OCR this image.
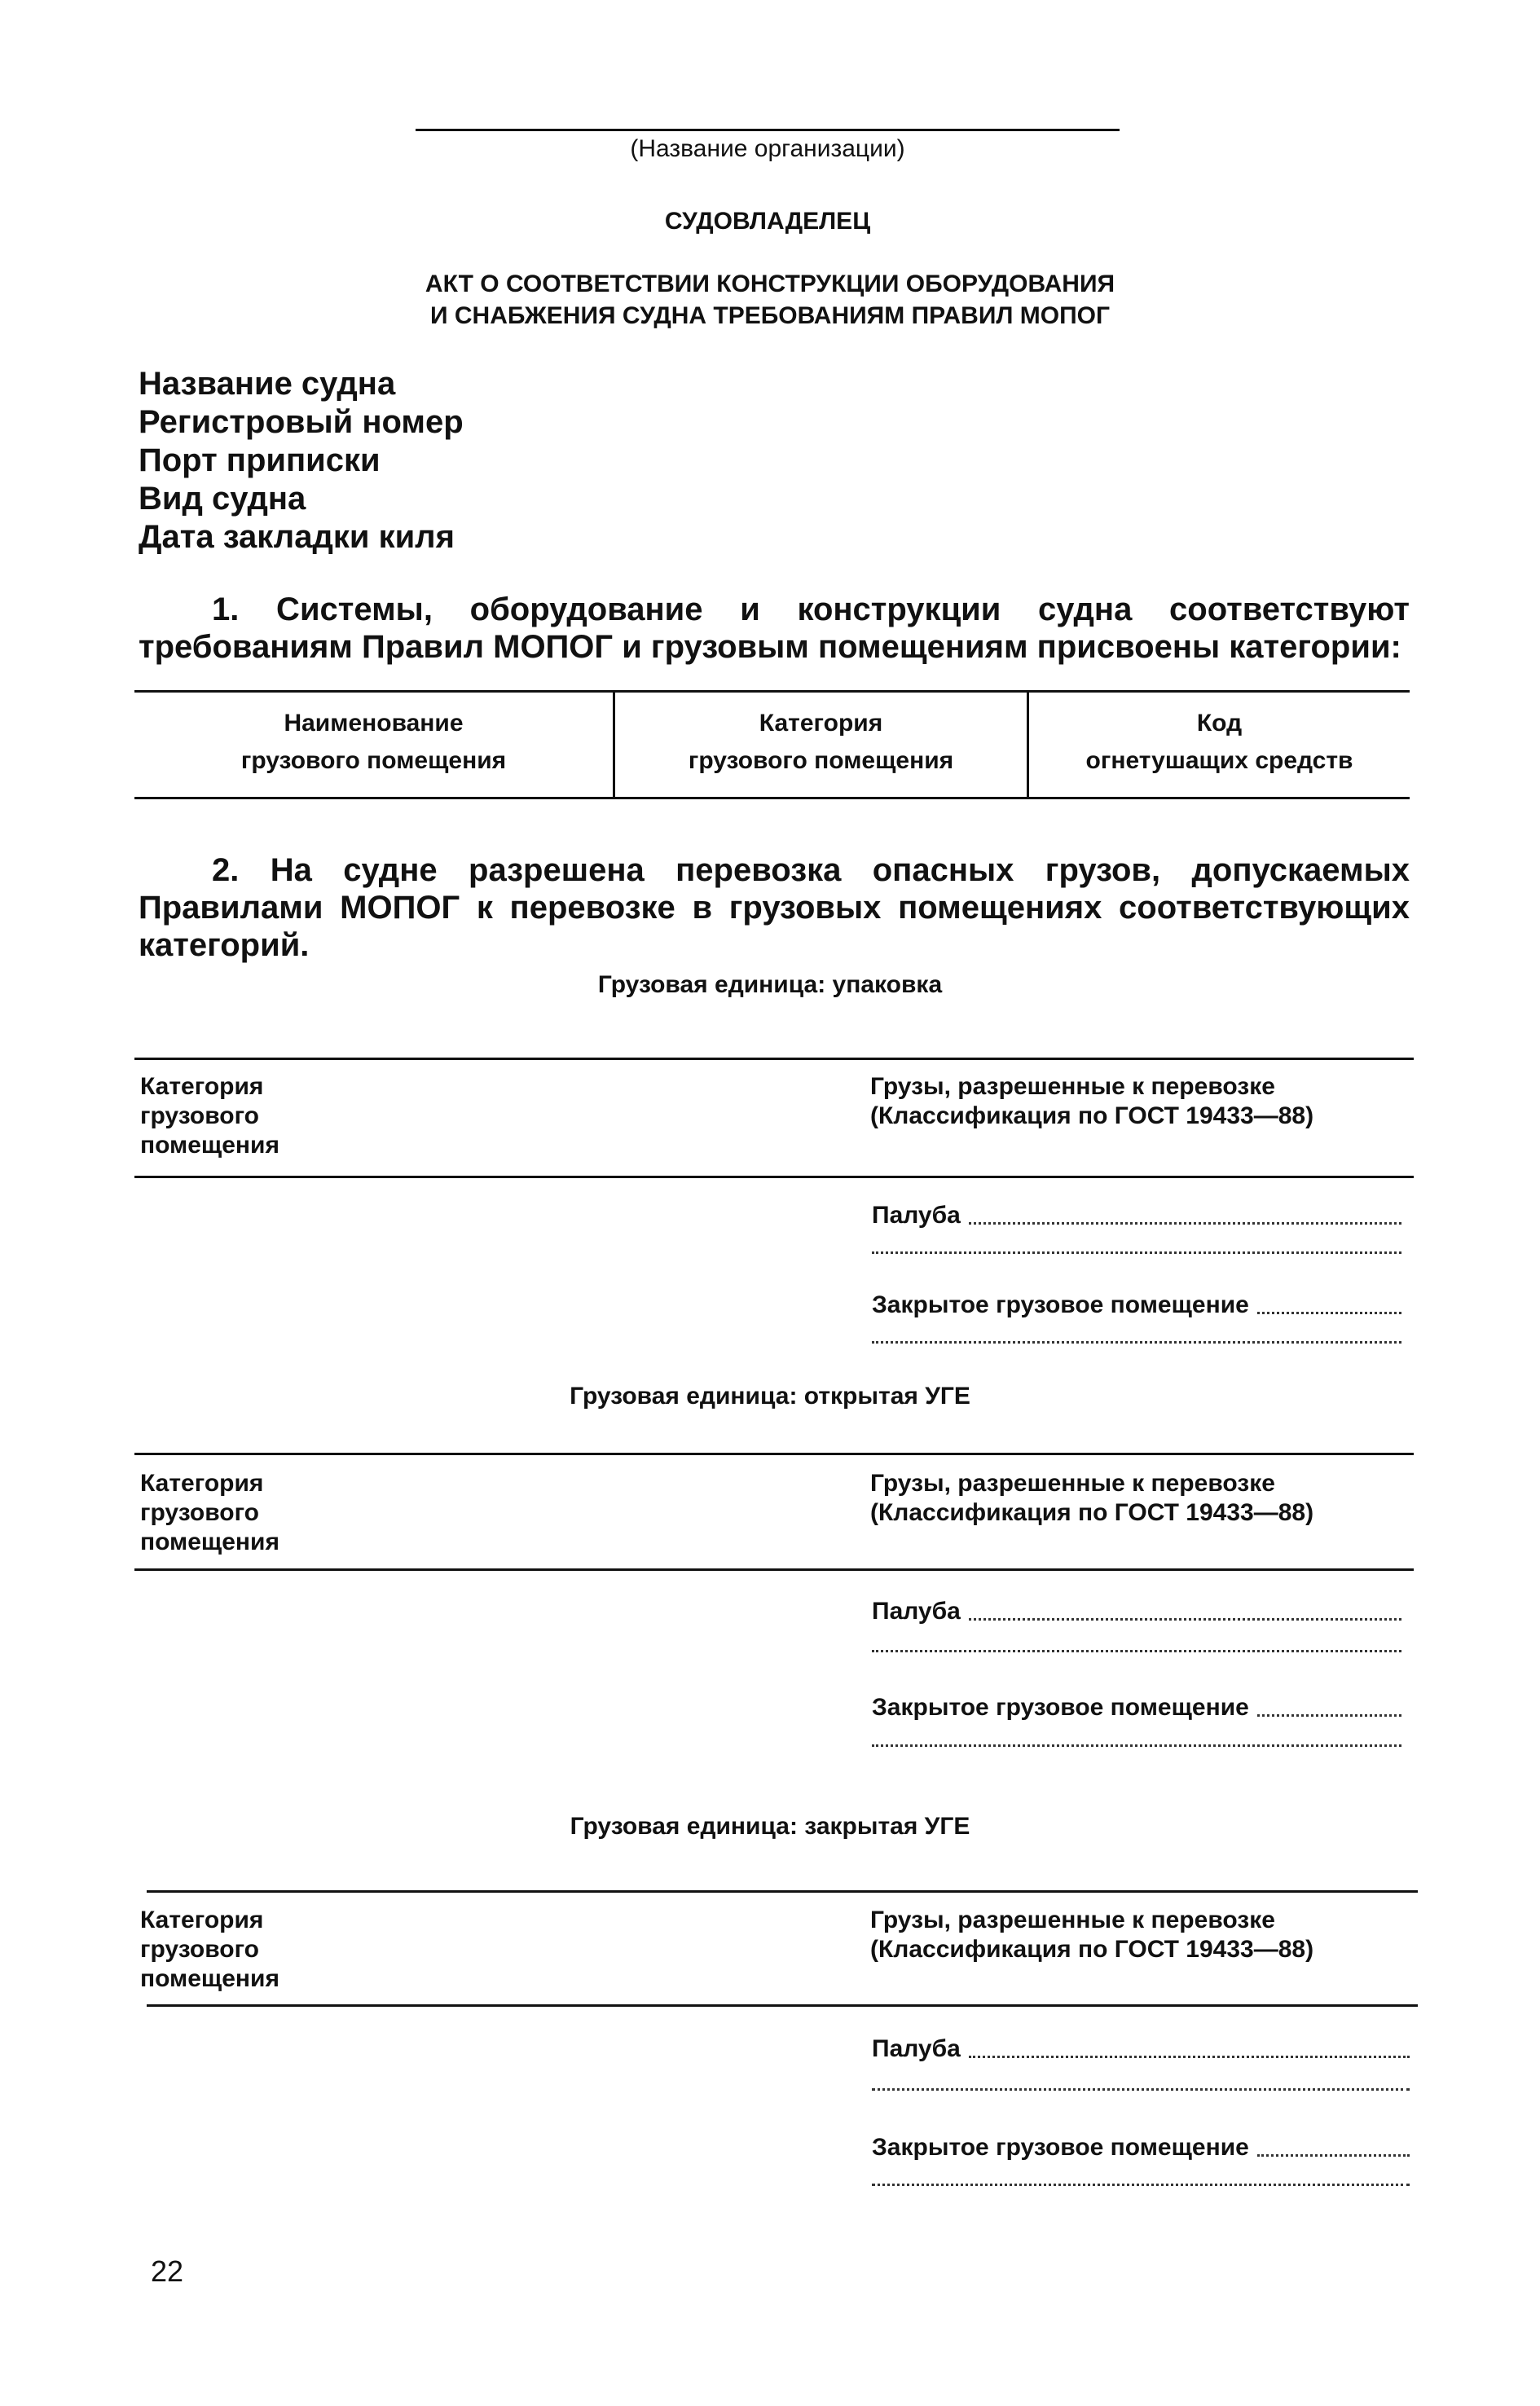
(Название организации)
СУДОВЛАДЕЛЕЦ
АКТ О СООТВЕТСТВИИ КОНСТРУКЦИИ ОБОРУДОВАНИЯ
И СНАБЖЕНИЯ СУДНА ТРЕБОВАНИЯМ ПРАВИЛ МОПОГ
Название судна
Регистровый номер
Порт приписки
Вид судна
Дата закладки киля
1. Системы, оборудование и конструкции судна соответствуют требованиям Правил МОПОГ и грузовым помещениям присвоены категории:
Наименование
грузового помещения
Категория
грузового помещения
Код
огнетушащих средств
2. На судне разрешена перевозка опасных грузов, допускаемых Правилами МОПОГ к перевозке в грузовых помещениях соответствующих категорий.
Грузовая единица: упаковка
Категория
грузового
помещения
Грузы, разрешенные к перевозке
(Классификация по ГОСТ 19433—88)
Палуба
Закрытое грузовое помещение
Грузовая единица: открытая УГЕ
Категория
грузового
помещения
Грузы, разрешенные к перевозке
(Классификация по ГОСТ 19433—88)
Палуба
Закрытое грузовое помещение
Грузовая единица: закрытая УГЕ
Категория
грузового
помещения
Грузы, разрешенные к перевозке
(Классификация по ГОСТ 19433—88)
Палуба
Закрытое грузовое помещение
22
